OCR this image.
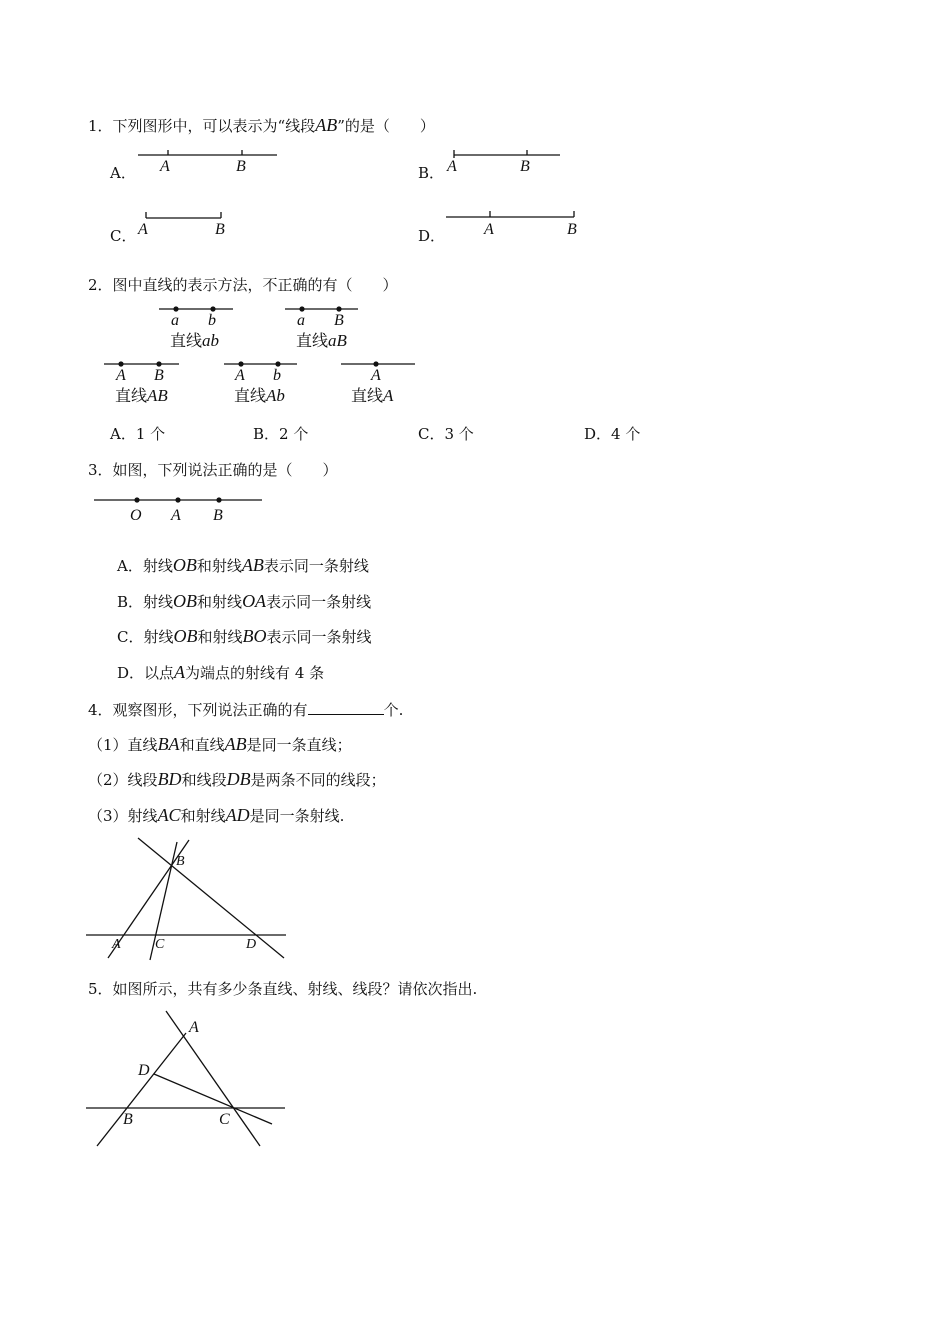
1．下列图形中，可以表示为“线段AB”的是（　　）
A． A	B	B． A	B
C． A	B	D． A	B
2．图中直线的表示方法，不正确的有（　　）
a b
直线ab
a B
直线aB
A B
直线AB
A b
直线Ab
A
直线A
A．1 个	B．2 个	C．3 个	D．4 个
3．如图，下列说法正确的是（　　）
O A B
A．射线OB和射线AB表示同一条射线
B．射线OB和射线OA表示同一条射线
C．射线OB和射线BO表示同一条射线
D．以点A为端点的射线有 4 条
4．观察图形，下列说法正确的有	个.
（1）直线BA和直线AB是同一条直线；
（2）线段BD和线段DB是两条不同的线段；
（3）射线AC和射线AD是同一条射线.
B
A C	D
5．如图所示，共有多少条直线、射线、线段？请依次指出.
A
D
B	C
